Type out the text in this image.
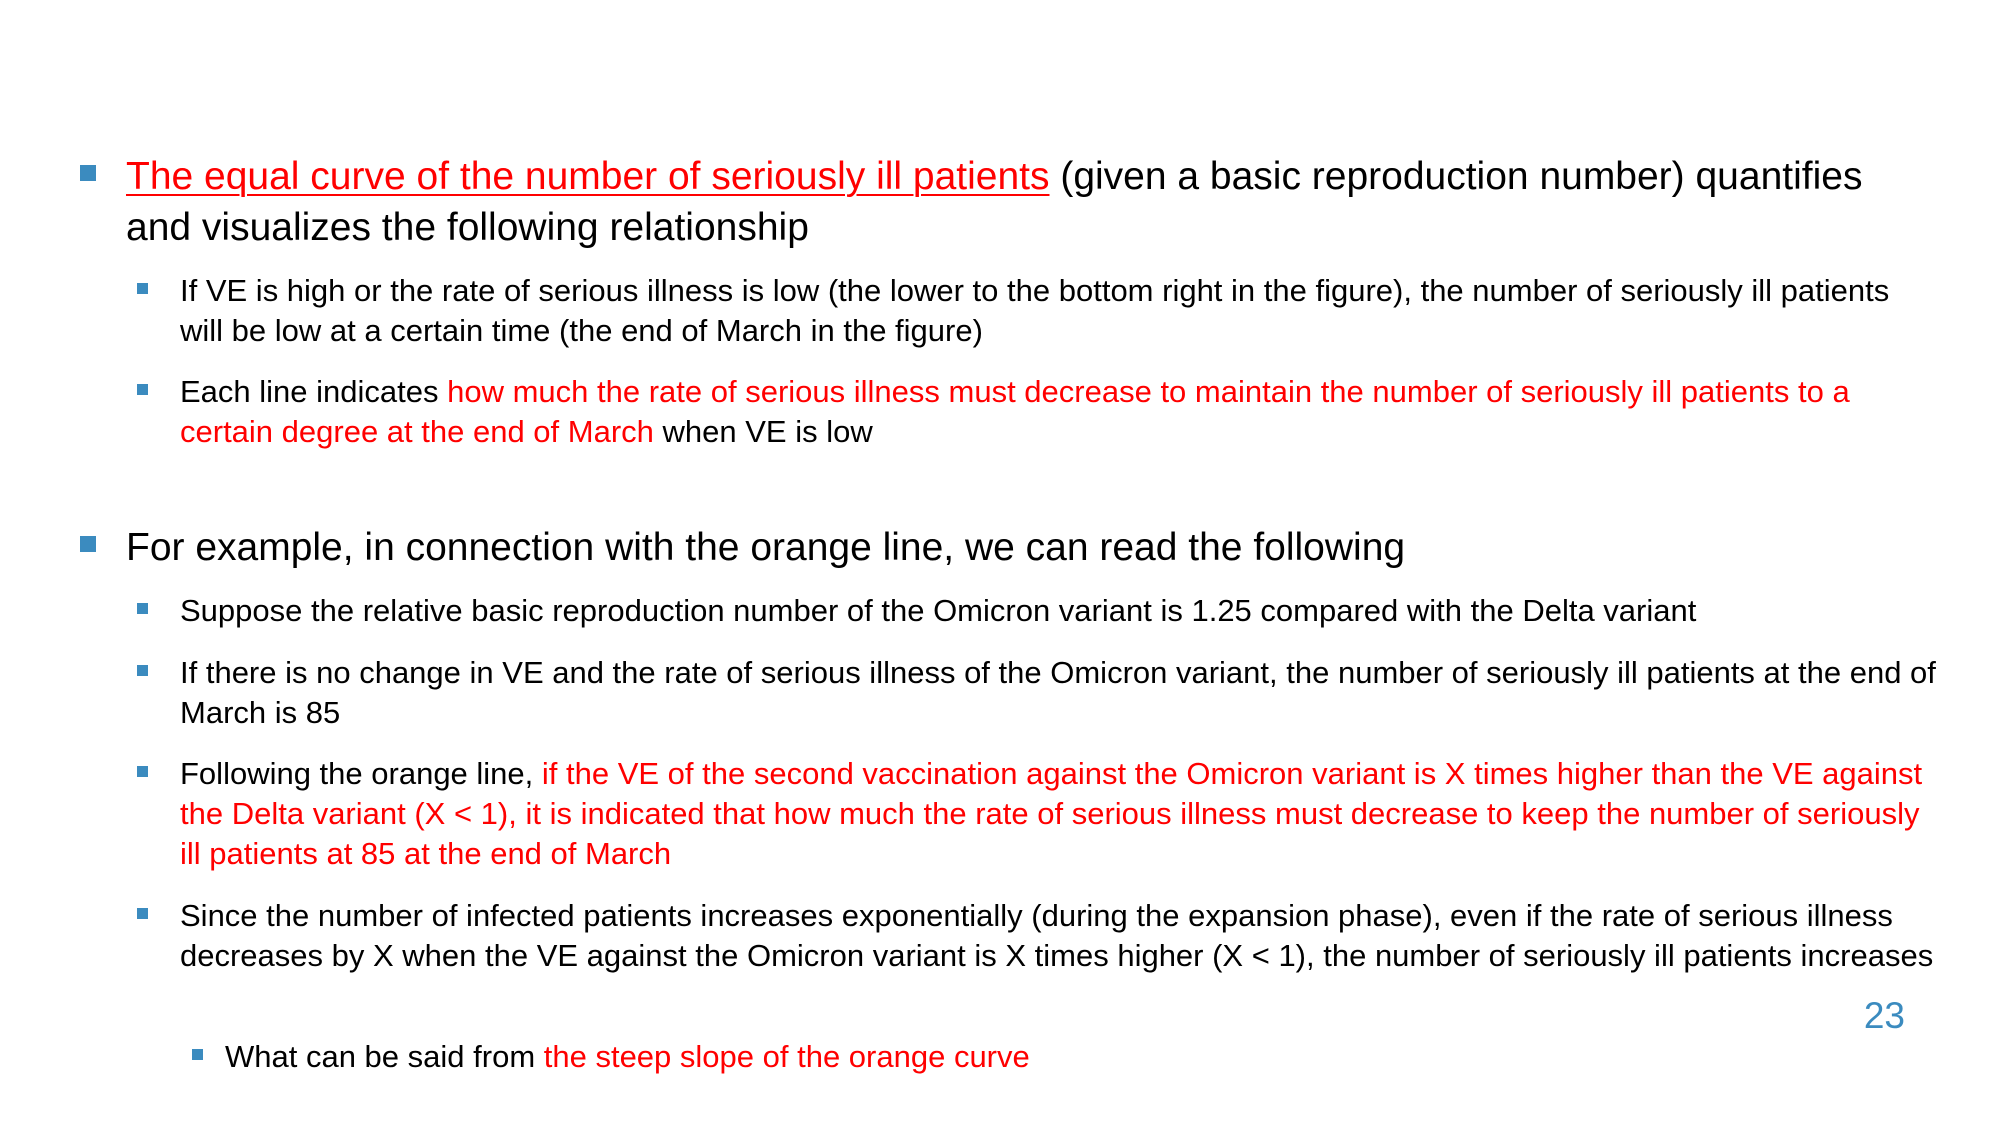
The equal curve of the number of seriously ill patients (given a basic reproduction number) quantifies and visualizes the following relationship
If VE is high or the rate of serious illness is low (the lower to the bottom right in the figure), the number of seriously ill patients will be low at a certain time (the end of March in the figure)
Each line indicates how much the rate of serious illness must decrease to maintain the number of seriously ill patients to a certain degree at the end of March when VE is low
For example, in connection with the orange line, we can read the following
Suppose the relative basic reproduction number of the Omicron variant is 1.25 compared with the Delta variant
If there is no change in VE and the rate of serious illness of the Omicron variant, the number of seriously ill patients at the end of March is 85
Following the orange line, if the VE of the second vaccination against the Omicron variant is X times higher than the VE against the Delta variant (X < 1), it is indicated that how much the rate of serious illness must decrease to keep the number of seriously ill patients at 85 at the end of March
Since the number of infected patients increases exponentially (during the expansion phase), even if the rate of serious illness decreases by X when the VE against the Omicron variant is X times higher (X < 1), the number of seriously ill patients increases
What can be said from the steep slope of the orange curve
23
